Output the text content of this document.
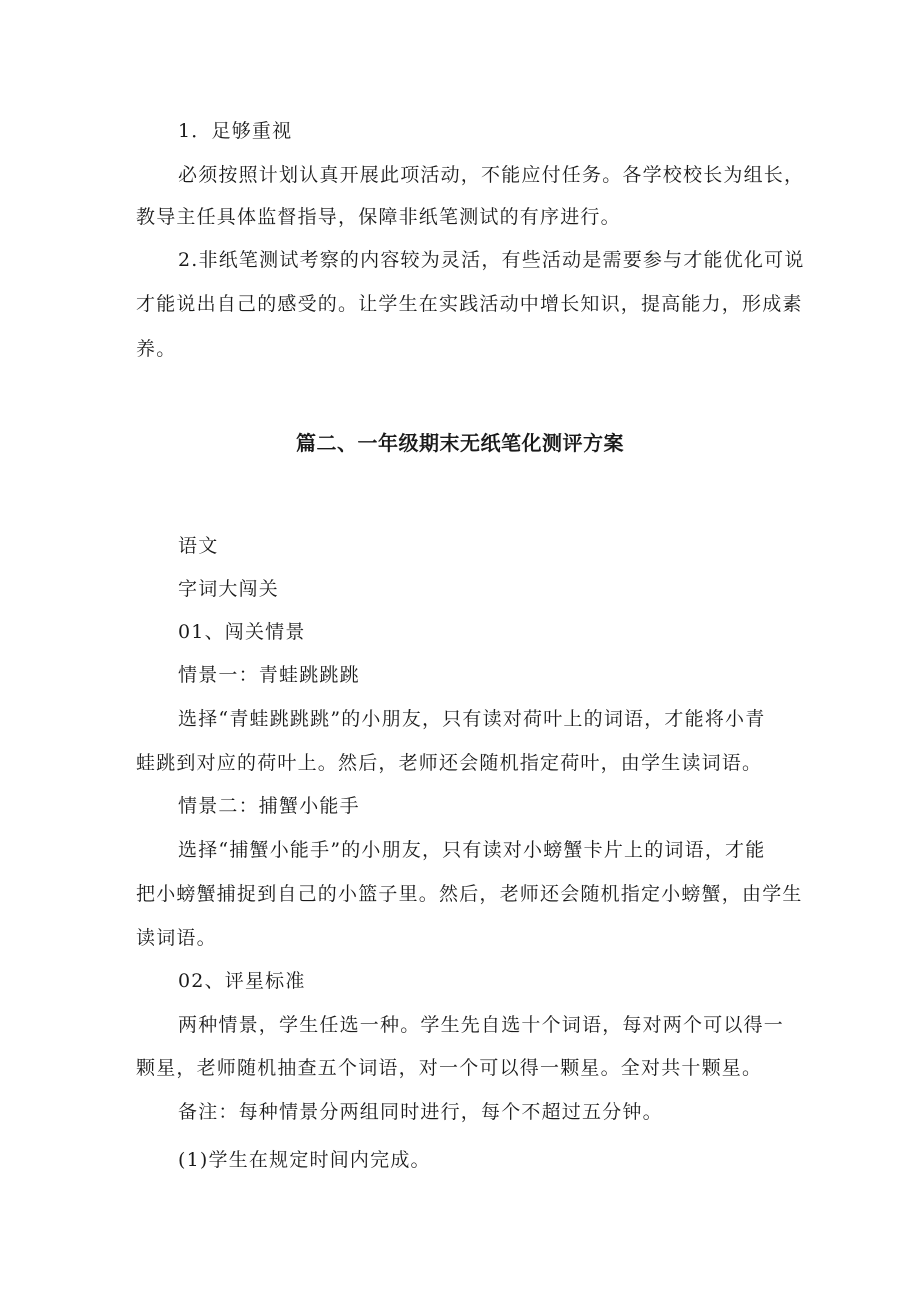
1．足够重视
必须按照计划认真开展此项活动，不能应付任务。各学校校长为组长，
教导主任具体监督指导，保障非纸笔测试的有序进行。
2.非纸笔测试考察的内容较为灵活，有些活动是需要参与才能优化可说
才能说出自己的感受的。让学生在实践活动中增长知识，提高能力，形成素
养。
篇二、一年级期末无纸笔化测评方案
语文
字词大闯关
01、闯关情景
情景一：青蛙跳跳跳
选择“青蛙跳跳跳”的小朋友，只有读对荷叶上的词语，才能将小青
蛙跳到对应的荷叶上。然后，老师还会随机指定荷叶，由学生读词语。
情景二：捕蟹小能手
选择“捕蟹小能手”的小朋友，只有读对小螃蟹卡片上的词语，才能
把小螃蟹捕捉到自己的小篮子里。然后，老师还会随机指定小螃蟹，由学生
读词语。
02、评星标准
两种情景，学生任选一种。学生先自选十个词语，每对两个可以得一
颗星，老师随机抽查五个词语，对一个可以得一颗星。全对共十颗星。
备注：每种情景分两组同时进行，每个不超过五分钟。
(1)学生在规定时间内完成。
